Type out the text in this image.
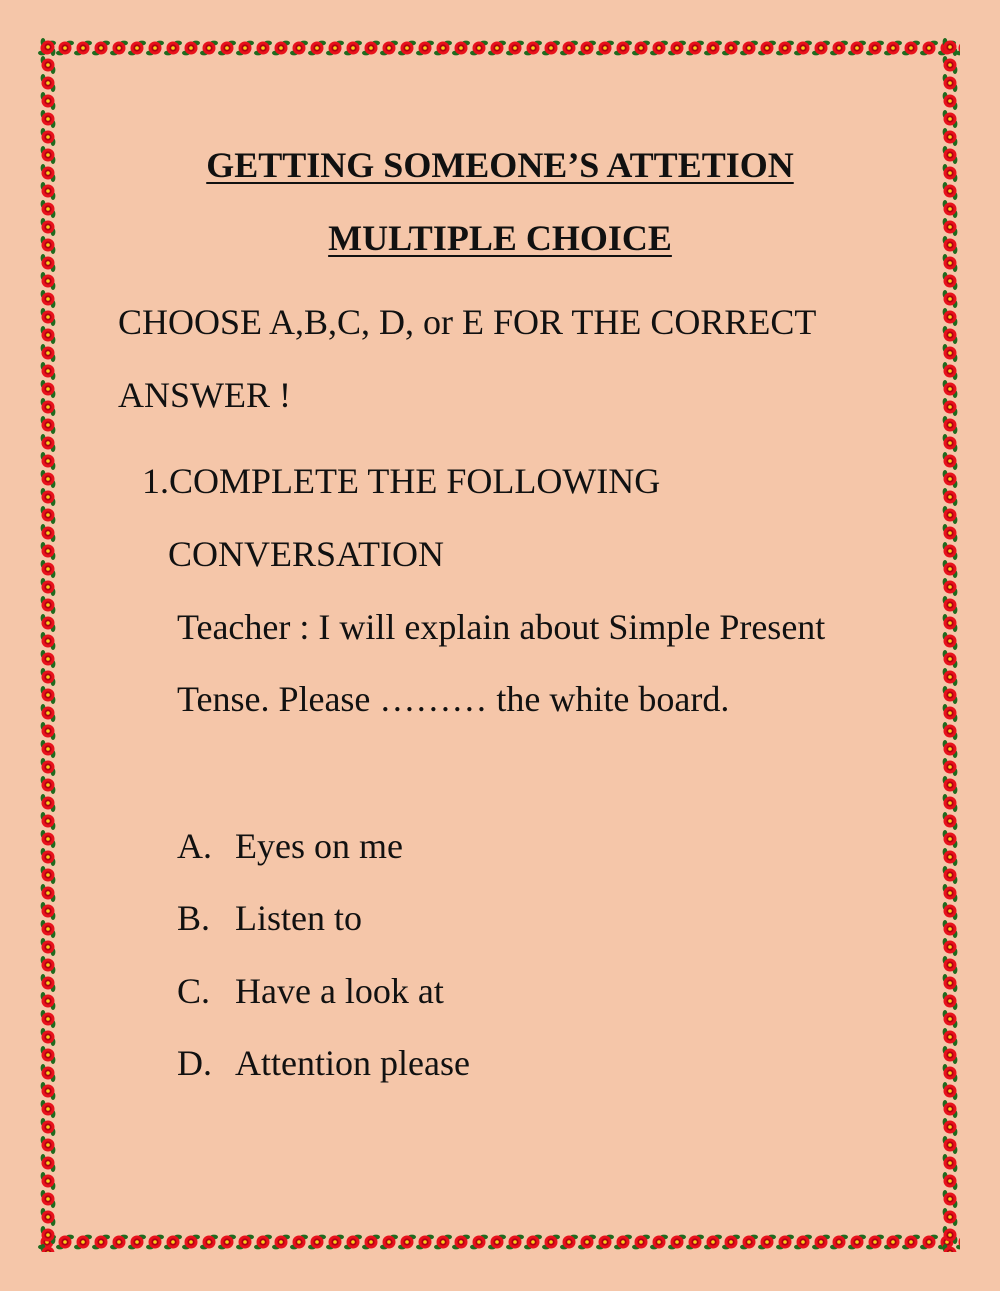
GETTING SOMEONE’S ATTETION
MULTIPLE CHOICE
CHOOSE A,B,C, D, or E FOR THE CORRECT
ANSWER !
1.COMPLETE THE FOLLOWING
CONVERSATION
Teacher : I will explain about Simple Present
Tense. Please ……… the white board.
A. Eyes on me
B. Listen to
C. Have a look at
D. Attention please
